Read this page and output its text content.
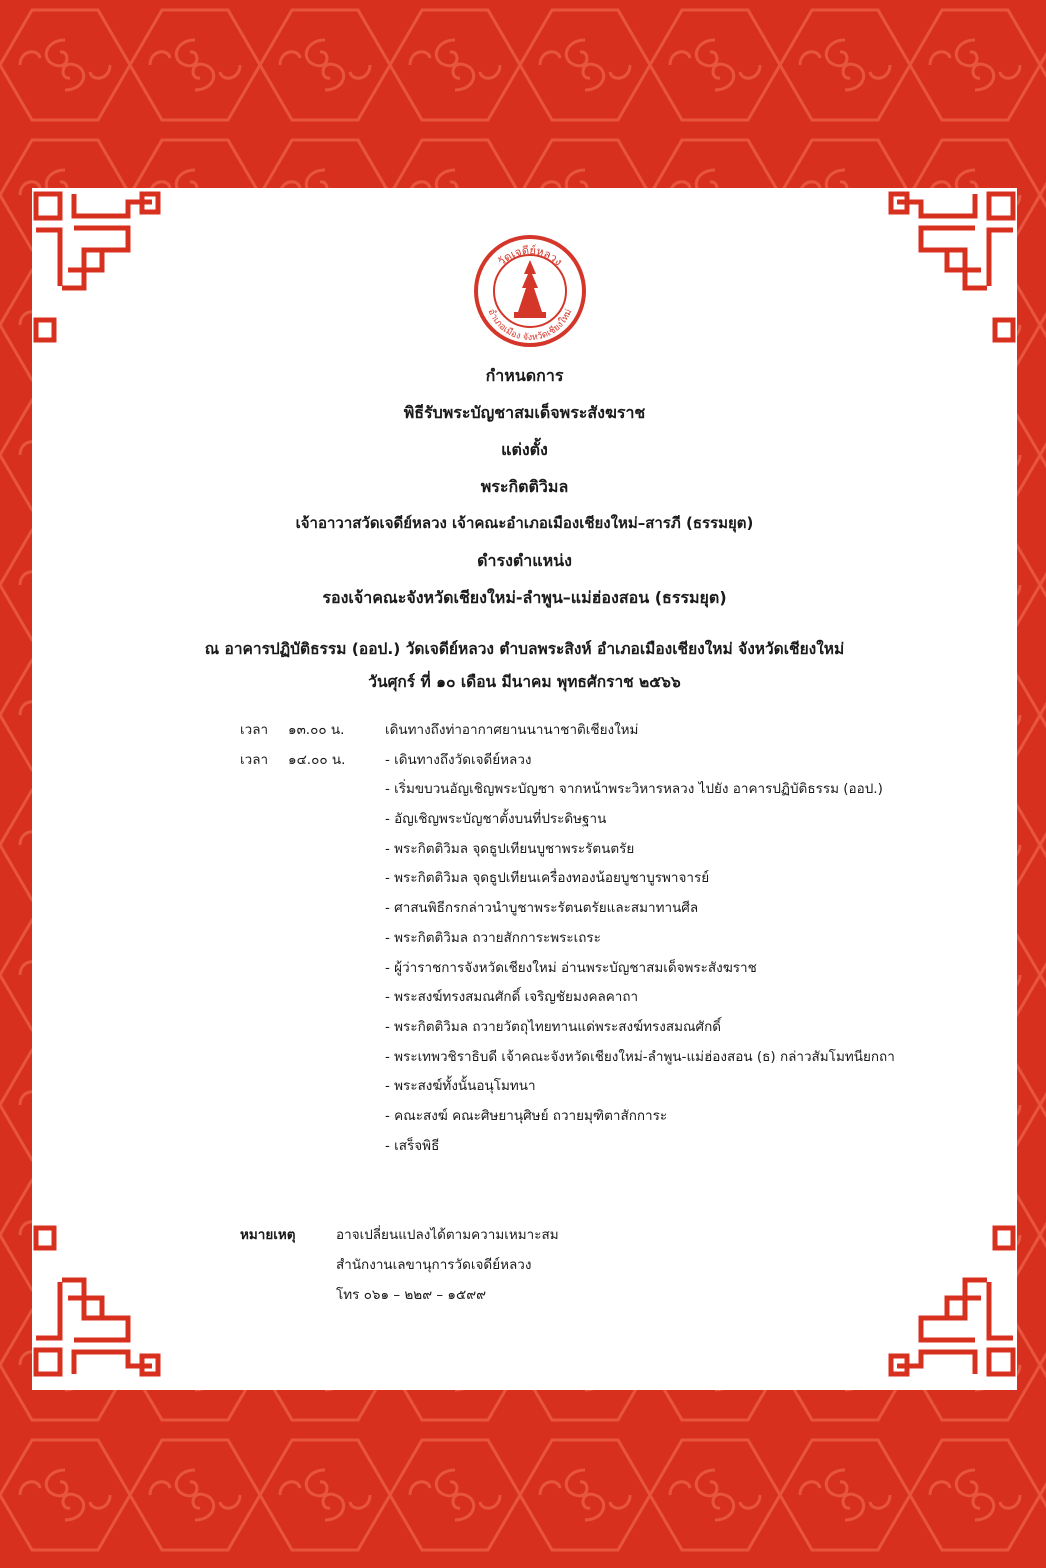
วัดเจดีย์หลวง
อำเภอเมือง จังหวัดเชียงใหม่
กำหนดการ
พิธีรับพระบัญชาสมเด็จพระสังฆราช
แต่งตั้ง
พระกิตติวิมล
เจ้าอาวาสวัดเจดีย์หลวง เจ้าคณะอำเภอเมืองเชียงใหม่–สารภี (ธรรมยุต)
ดำรงตำแหน่ง
รองเจ้าคณะจังหวัดเชียงใหม่-ลำพูน–แม่ฮ่องสอน (ธรรมยุต)
ณ อาคารปฏิบัติธรรม (ออป.) วัดเจดีย์หลวง ตำบลพระสิงห์ อำเภอเมืองเชียงใหม่ จังหวัดเชียงใหม่
วันศุกร์ ที่ ๑๐ เดือน มีนาคม พุทธศักราช ๒๕๖๖
เวลา ๑๓.๐๐ น.	เดินทางถึงท่าอากาศยานนานาชาติเชียงใหม่
เวลา ๑๔.๐๐ น.	- เดินทางถึงวัดเจดีย์หลวง
- เริ่มขบวนอัญเชิญพระบัญชา จากหน้าพระวิหารหลวง ไปยัง อาคารปฏิบัติธรรม (ออป.)
- อัญเชิญพระบัญชาตั้งบนที่ประดิษฐาน
- พระกิตติวิมล จุดธูปเทียนบูชาพระรัตนตรัย
- พระกิตติวิมล จุดธูปเทียนเครื่องทองน้อยบูชาบูรพาจารย์
- ศาสนพิธีกรกล่าวนำบูชาพระรัตนตรัยและสมาทานศีล
- พระกิตติวิมล ถวายสักการะพระเถระ
- ผู้ว่าราชการจังหวัดเชียงใหม่ อ่านพระบัญชาสมเด็จพระสังฆราช
- พระสงฆ์ทรงสมณศักดิ์ เจริญชัยมงคลคาถา
- พระกิตติวิมล ถวายวัตถุไทยทานแด่พระสงฆ์ทรงสมณศักดิ์
- พระเทพวชิราธิบดี เจ้าคณะจังหวัดเชียงใหม่-ลำพูน-แม่ฮ่องสอน (ธ) กล่าวสัมโมทนียกถา
- พระสงฆ์ทั้งนั้นอนุโมทนา
- คณะสงฆ์ คณะศิษยานุศิษย์ ถวายมุฑิตาสักการะ
- เสร็จพิธี
หมายเหตุ	อาจเปลี่ยนแปลงได้ตามความเหมาะสม
สำนักงานเลขานุการวัดเจดีย์หลวง
โทร ๐๖๑ – ๒๒๙ – ๑๕๙๙
